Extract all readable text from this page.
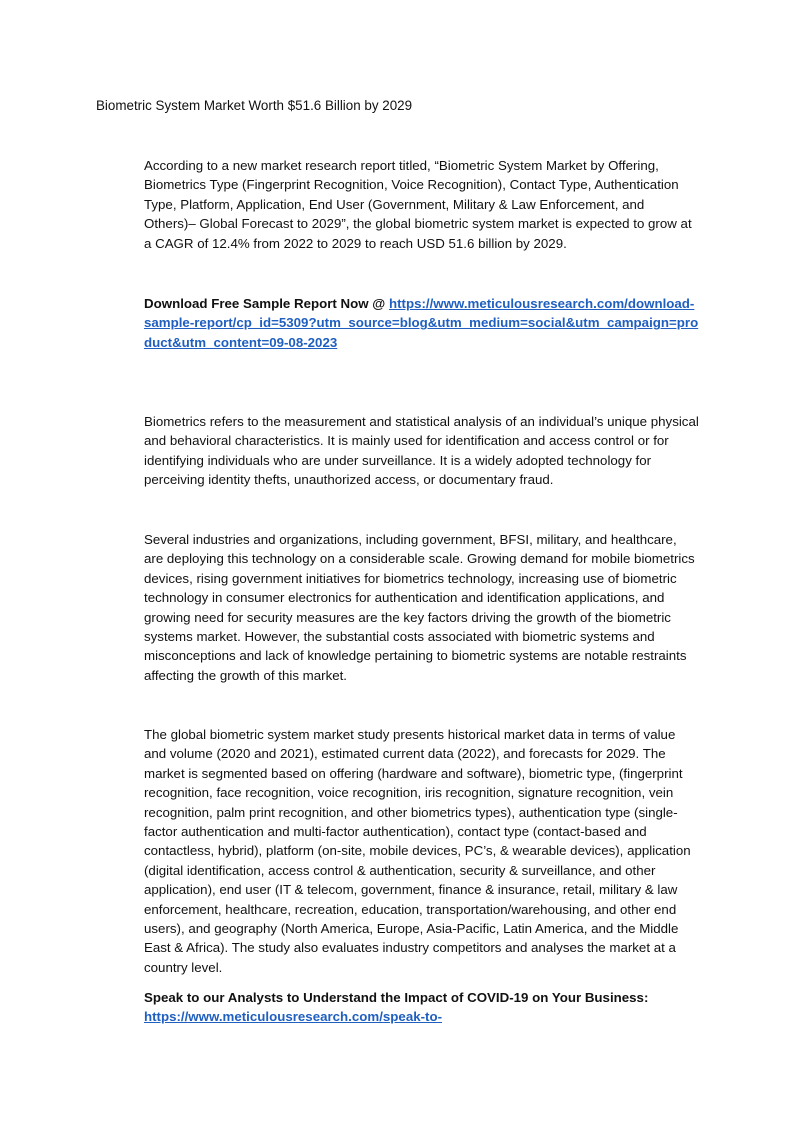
Biometric System Market Worth $51.6 Billion by 2029

According to a new market research report titled, “Biometric System Market by Offering, Biometrics Type (Fingerprint Recognition, Voice Recognition), Contact Type, Authentication Type, Platform, Application, End User (Government, Military & Law Enforcement, and Others)– Global Forecast to 2029”, the global biometric system market is expected to grow at a CAGR of 12.4% from 2022 to 2029 to reach USD 51.6 billion by 2029.

Download Free Sample Report Now @ https://www.meticulousresearch.com/download-sample-report/cp_id=5309?utm_source=blog&utm_medium=social&utm_campaign=product&utm_content=09-08-2023

Biometrics refers to the measurement and statistical analysis of an individual’s unique physical and behavioral characteristics. It is mainly used for identification and access control or for identifying individuals who are under surveillance. It is a widely adopted technology for perceiving identity thefts, unauthorized access, or documentary fraud.

Several industries and organizations, including government, BFSI, military, and healthcare, are deploying this technology on a considerable scale. Growing demand for mobile biometrics devices, rising government initiatives for biometrics technology, increasing use of biometric technology in consumer electronics for authentication and identification applications, and growing need for security measures are the key factors driving the growth of the biometric systems market. However, the substantial costs associated with biometric systems and misconceptions and lack of knowledge pertaining to biometric systems are notable restraints affecting the growth of this market.

The global biometric system market study presents historical market data in terms of value and volume (2020 and 2021), estimated current data (2022), and forecasts for 2029. The market is segmented based on offering (hardware and software), biometric type, (fingerprint recognition, face recognition, voice recognition, iris recognition, signature recognition, vein recognition, palm print recognition, and other biometrics types), authentication type (single-factor authentication and multi-factor authentication), contact type (contact-based and contactless, hybrid), platform (on-site, mobile devices, PC’s, & wearable devices), application (digital identification, access control & authentication, security & surveillance, and other application), end user (IT & telecom, government, finance & insurance, retail, military & law enforcement, healthcare, recreation, education, transportation/warehousing, and other end users), and geography (North America, Europe, Asia-Pacific, Latin America, and the Middle East & Africa). The study also evaluates industry competitors and analyses the market at a country level.

Speak to our Analysts to Understand the Impact of COVID-19 on Your Business:
https://www.meticulousresearch.com/speak-to-
